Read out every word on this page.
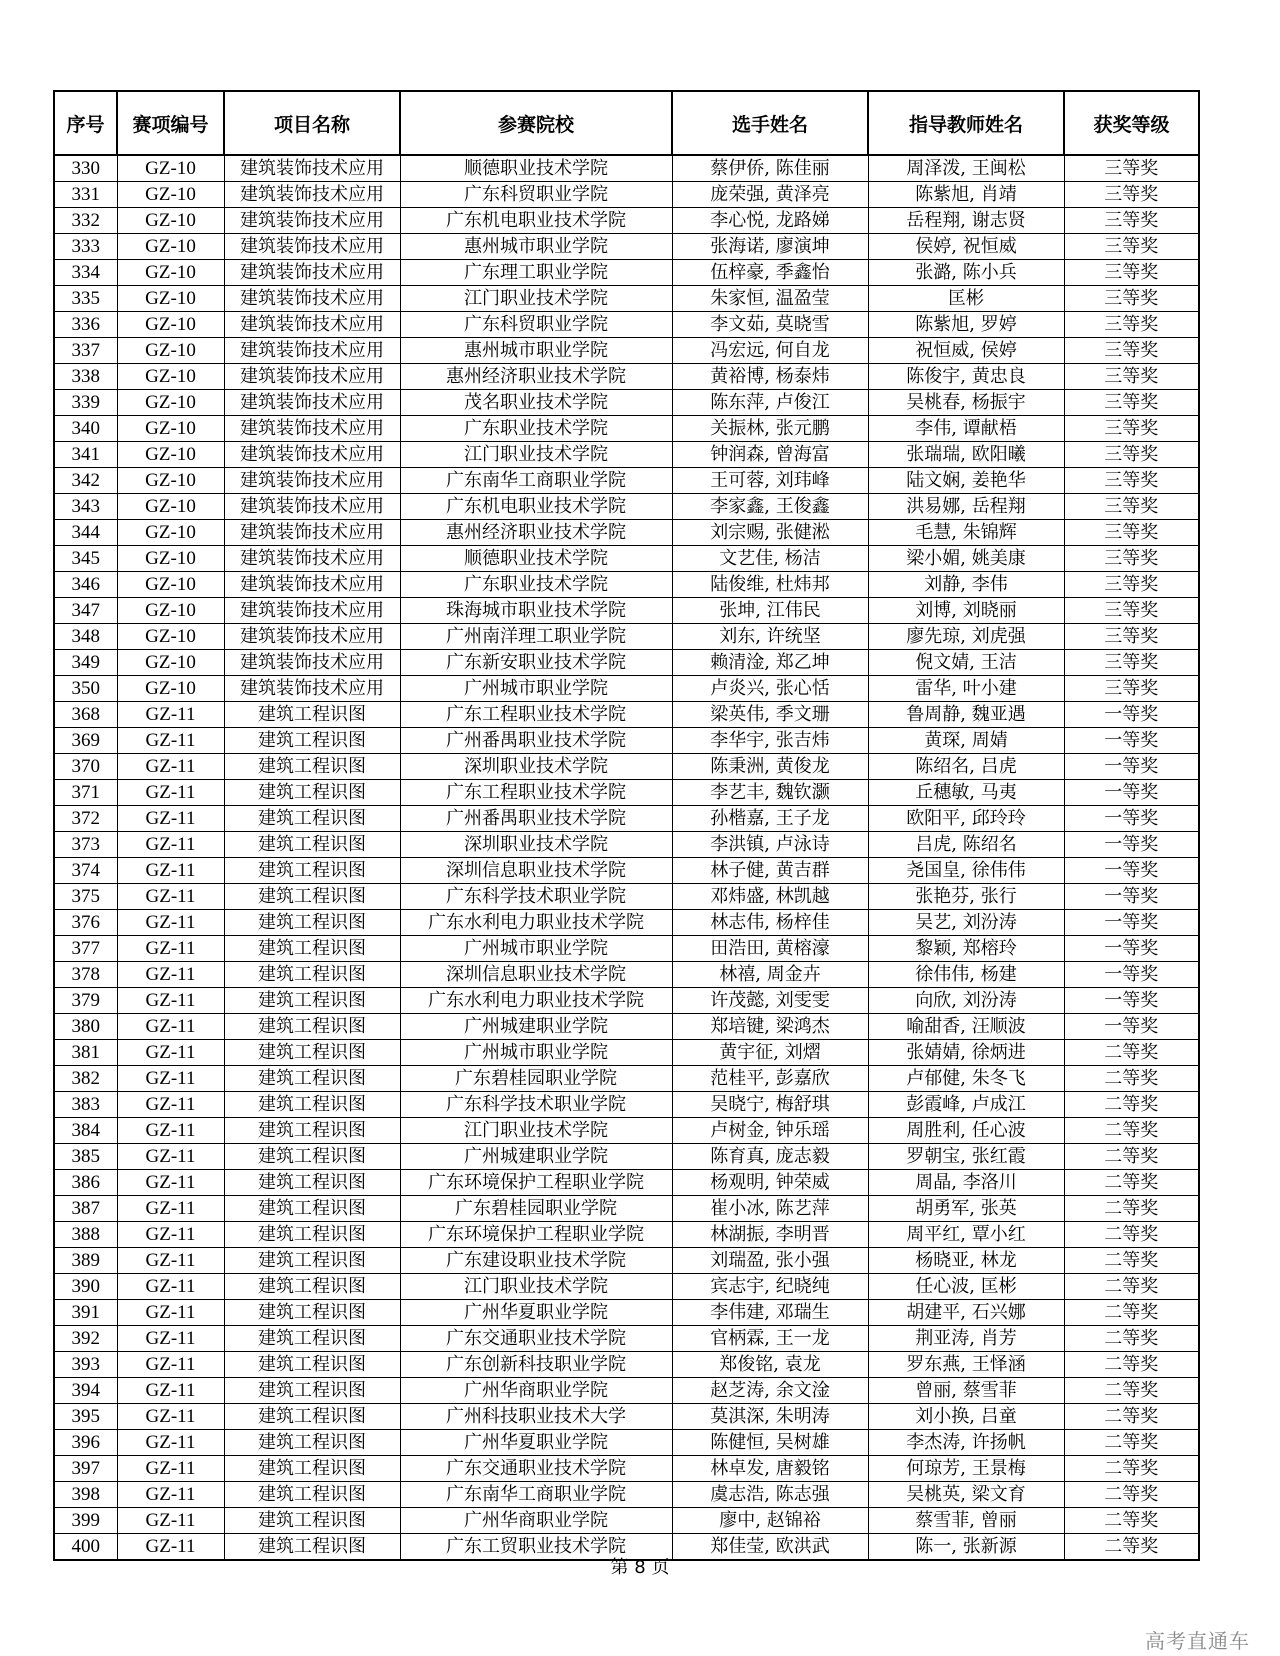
序号	赛项编号	项目名称	参赛院校	选手姓名	指导教师姓名	获奖等级
330	GZ-10	建筑装饰技术应用	顺德职业技术学院	蔡伊侨, 陈佳丽	周泽泼, 王闽松	三等奖
331	GZ-10	建筑装饰技术应用	广东科贸职业学院	庞荣强, 黄泽亮	陈紫旭, 肖靖	三等奖
332	GZ-10	建筑装饰技术应用	广东机电职业技术学院	李心悦, 龙路娣	岳程翔, 谢志贤	三等奖
333	GZ-10	建筑装饰技术应用	惠州城市职业学院	张海诺, 廖演坤	侯婷, 祝恒威	三等奖
334	GZ-10	建筑装饰技术应用	广东理工职业学院	伍梓豪, 季鑫怡	张潞, 陈小兵	三等奖
335	GZ-10	建筑装饰技术应用	江门职业技术学院	朱家恒, 温盈莹	匡彬	三等奖
336	GZ-10	建筑装饰技术应用	广东科贸职业学院	李文茹, 莫晓雪	陈紫旭, 罗婷	三等奖
337	GZ-10	建筑装饰技术应用	惠州城市职业学院	冯宏远, 何自龙	祝恒威, 侯婷	三等奖
338	GZ-10	建筑装饰技术应用	惠州经济职业技术学院	黄裕博, 杨泰炜	陈俊宇, 黄忠良	三等奖
339	GZ-10	建筑装饰技术应用	茂名职业技术学院	陈东萍, 卢俊江	吴桃春, 杨振宇	三等奖
340	GZ-10	建筑装饰技术应用	广东职业技术学院	关振林, 张元鹏	李伟, 谭献梧	三等奖
341	GZ-10	建筑装饰技术应用	江门职业技术学院	钟润森, 曾海富	张瑞瑞, 欧阳曦	三等奖
342	GZ-10	建筑装饰技术应用	广东南华工商职业学院	王可蓉, 刘玮峰	陆文娴, 姜艳华	三等奖
343	GZ-10	建筑装饰技术应用	广东机电职业技术学院	李家鑫, 王俊鑫	洪易娜, 岳程翔	三等奖
344	GZ-10	建筑装饰技术应用	惠州经济职业技术学院	刘宗赐, 张健淞	毛慧, 朱锦辉	三等奖
345	GZ-10	建筑装饰技术应用	顺德职业技术学院	文艺佳, 杨洁	梁小媚, 姚美康	三等奖
346	GZ-10	建筑装饰技术应用	广东职业技术学院	陆俊维, 杜炜邦	刘静, 李伟	三等奖
347	GZ-10	建筑装饰技术应用	珠海城市职业技术学院	张坤, 江伟民	刘博, 刘晓丽	三等奖
348	GZ-10	建筑装饰技术应用	广州南洋理工职业学院	刘东, 许统坚	廖先琼, 刘虎强	三等奖
349	GZ-10	建筑装饰技术应用	广东新安职业技术学院	赖清淦, 郑乙坤	倪文婧, 王洁	三等奖
350	GZ-10	建筑装饰技术应用	广州城市职业学院	卢炎兴, 张心恬	雷华, 叶小建	三等奖
368	GZ-11	建筑工程识图	广东工程职业技术学院	梁英伟, 季文珊	鲁周静, 魏亚遇	一等奖
369	GZ-11	建筑工程识图	广州番禺职业技术学院	李华宇, 张吉炜	黄琛, 周婧	一等奖
370	GZ-11	建筑工程识图	深圳职业技术学院	陈秉洲, 黄俊龙	陈绍名, 吕虎	一等奖
371	GZ-11	建筑工程识图	广东工程职业技术学院	李艺丰, 魏钦灏	丘穗敏, 马夷	一等奖
372	GZ-11	建筑工程识图	广州番禺职业技术学院	孙楷嘉, 王子龙	欧阳平, 邱玲玲	一等奖
373	GZ-11	建筑工程识图	深圳职业技术学院	李洪镇, 卢泳诗	吕虎, 陈绍名	一等奖
374	GZ-11	建筑工程识图	深圳信息职业技术学院	林子健, 黄吉群	尧国皇, 徐伟伟	一等奖
375	GZ-11	建筑工程识图	广东科学技术职业学院	邓炜盛, 林凯越	张艳芬, 张行	一等奖
376	GZ-11	建筑工程识图	广东水利电力职业技术学院	林志伟, 杨梓佳	吴艺, 刘汾涛	一等奖
377	GZ-11	建筑工程识图	广州城市职业学院	田浩田, 黄榕濠	黎颖, 郑榕玲	一等奖
378	GZ-11	建筑工程识图	深圳信息职业技术学院	林禧, 周金卉	徐伟伟, 杨建	一等奖
379	GZ-11	建筑工程识图	广东水利电力职业技术学院	许茂懿, 刘雯雯	向欣, 刘汾涛	一等奖
380	GZ-11	建筑工程识图	广州城建职业学院	郑培键, 梁鸿杰	喻甜香, 汪顺波	一等奖
381	GZ-11	建筑工程识图	广州城市职业学院	黄宇征, 刘熠	张婧婧, 徐炳进	二等奖
382	GZ-11	建筑工程识图	广东碧桂园职业学院	范桂平, 彭嘉欣	卢郁健, 朱冬飞	二等奖
383	GZ-11	建筑工程识图	广东科学技术职业学院	吴晓宁, 梅舒琪	彭霞峰, 卢成江	二等奖
384	GZ-11	建筑工程识图	江门职业技术学院	卢树金, 钟乐瑶	周胜利, 任心波	二等奖
385	GZ-11	建筑工程识图	广州城建职业学院	陈育真, 庞志毅	罗朝宝, 张红霞	二等奖
386	GZ-11	建筑工程识图	广东环境保护工程职业学院	杨观明, 钟荣威	周晶, 李洛川	二等奖
387	GZ-11	建筑工程识图	广东碧桂园职业学院	崔小冰, 陈艺萍	胡勇军, 张英	二等奖
388	GZ-11	建筑工程识图	广东环境保护工程职业学院	林湖振, 李明晋	周平红, 覃小红	二等奖
389	GZ-11	建筑工程识图	广东建设职业技术学院	刘瑞盈, 张小强	杨晓亚, 林龙	二等奖
390	GZ-11	建筑工程识图	江门职业技术学院	宾志宇, 纪晓纯	任心波, 匡彬	二等奖
391	GZ-11	建筑工程识图	广州华夏职业学院	李伟建, 邓瑞生	胡建平, 石兴娜	二等奖
392	GZ-11	建筑工程识图	广东交通职业技术学院	官柄霖, 王一龙	荆亚涛, 肖芳	二等奖
393	GZ-11	建筑工程识图	广东创新科技职业学院	郑俊铭, 袁龙	罗东燕, 王怿涵	二等奖
394	GZ-11	建筑工程识图	广州华商职业学院	赵芝涛, 余文淦	曾丽, 蔡雪菲	二等奖
395	GZ-11	建筑工程识图	广州科技职业技术大学	莫淇深, 朱明涛	刘小换, 吕童	二等奖
396	GZ-11	建筑工程识图	广州华夏职业学院	陈健恒, 吴树雄	李杰涛, 许扬帆	二等奖
397	GZ-11	建筑工程识图	广东交通职业技术学院	林卓发, 唐毅铭	何琼芳, 王景梅	二等奖
398	GZ-11	建筑工程识图	广东南华工商职业学院	虞志浩, 陈志强	吴桃英, 梁文育	二等奖
399	GZ-11	建筑工程识图	广州华商职业学院	廖中, 赵锦裕	蔡雪菲, 曾丽	二等奖
400	GZ-11	建筑工程识图	广东工贸职业技术学院	郑佳莹, 欧洪武	陈一, 张新源	二等奖
第 8 页
高考直通车
